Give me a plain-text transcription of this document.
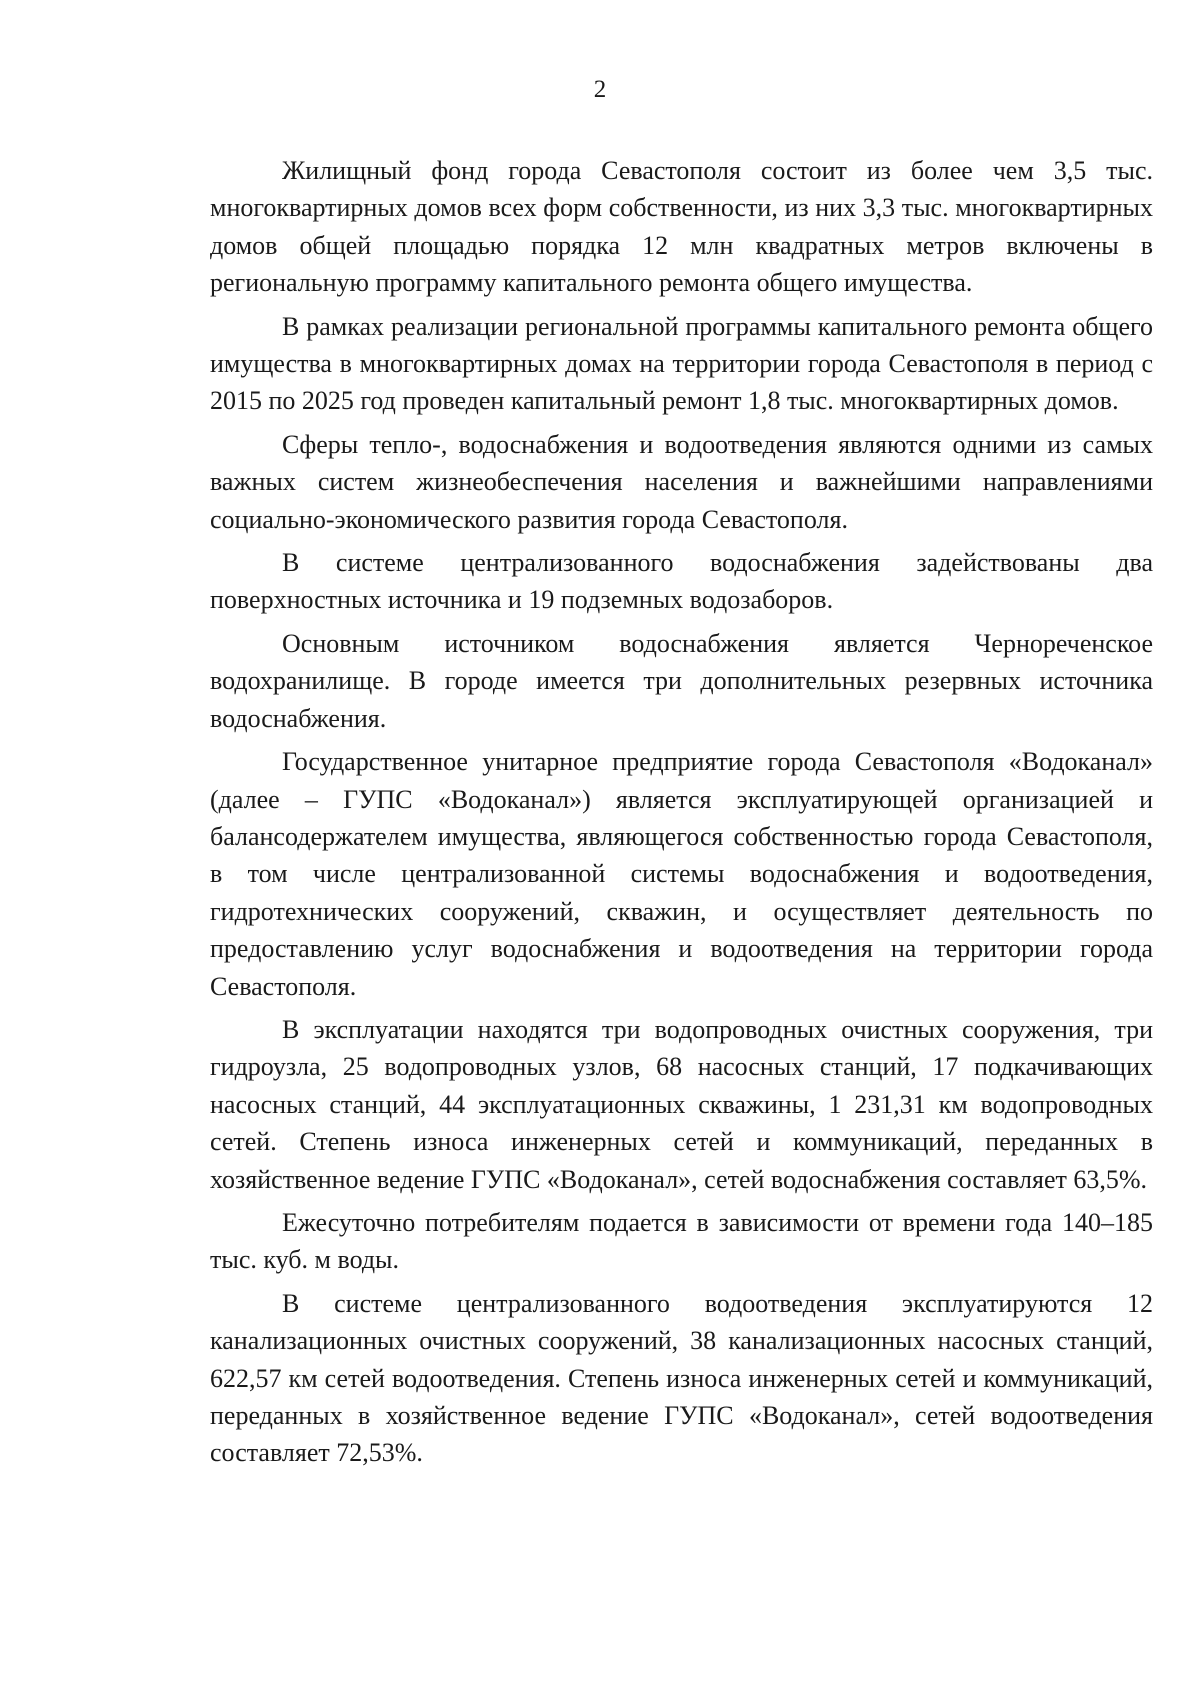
2

Жилищный фонд города Севастополя состоит из более чем 3,5 тыс. многоквартирных домов всех форм собственности, из них 3,3 тыс. многоквартирных домов общей площадью порядка 12 млн квадратных метров включены в региональную программу капитального ремонта общего имущества.

В рамках реализации региональной программы капитального ремонта общего имущества в многоквартирных домах на территории города Севастополя в период с 2015 по 2025 год проведен капитальный ремонт 1,8 тыс. многоквартирных домов.

Сферы тепло-, водоснабжения и водоотведения являются одними из самых важных систем жизнеобеспечения населения и важнейшими направлениями социально-экономического развития города Севастополя.

В системе централизованного водоснабжения задействованы два поверхностных источника и 19 подземных водозаборов.

Основным источником водоснабжения является Чернореченское водохранилище. В городе имеется три дополнительных резервных источника водоснабжения.

Государственное унитарное предприятие города Севастополя «Водоканал» (далее – ГУПС «Водоканал») является эксплуатирующей организацией и балансодержателем имущества, являющегося собственностью города Севастополя, в том числе централизованной системы водоснабжения и водоотведения, гидротехнических сооружений, скважин, и осуществляет деятельность по предоставлению услуг водоснабжения и водоотведения на территории города Севастополя.

В эксплуатации находятся три водопроводных очистных сооружения, три гидроузла, 25 водопроводных узлов, 68 насосных станций, 17 подкачивающих насосных станций, 44 эксплуатационных скважины, 1 231,31 км водопроводных сетей. Степень износа инженерных сетей и коммуникаций, переданных в хозяйственное ведение ГУПС «Водоканал», сетей водоснабжения составляет 63,5%.

Ежесуточно потребителям подается в зависимости от времени года 140–185 тыс. куб. м воды.

В системе централизованного водоотведения эксплуатируются 12 канализационных очистных сооружений, 38 канализационных насосных станций, 622,57 км сетей водоотведения. Степень износа инженерных сетей и коммуникаций, переданных в хозяйственное ведение ГУПС «Водоканал», сетей водоотведения составляет 72,53%.
